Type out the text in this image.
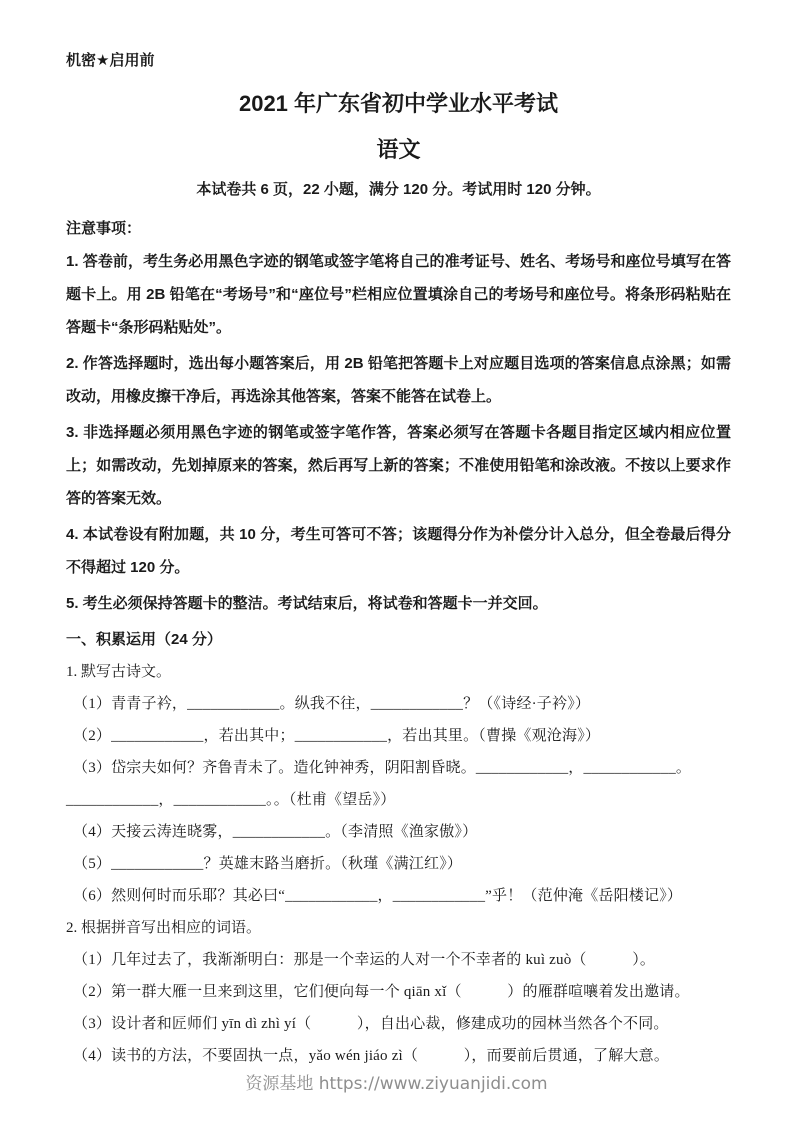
机密★启用前
2021 年广东省初中学业水平考试
语文
本试卷共 6 页，22 小题，满分 120 分。考试用时 120 分钟。
注意事项：

1. 答卷前，考生务必用黑色字迹的钢笔或签字笔将自己的准考证号、姓名、考场号和座位号填写在答题卡上。用 2B 铅笔在“考场号”和“座位号”栏相应位置填涂自己的考场号和座位号。将条形码粘贴在答题卡“条形码粘贴处”。

2. 作答选择题时，选出每小题答案后，用 2B 铅笔把答题卡上对应题目选项的答案信息点涂黑；如需改动，用橡皮擦干净后，再选涂其他答案，答案不能答在试卷上。

3. 非选择题必须用黑色字迹的钢笔或签字笔作答，答案必须写在答题卡各题目指定区域内相应位置上；如需改动，先划掉原来的答案，然后再写上新的答案；不准使用铅笔和涂改液。不按以上要求作答的答案无效。

4. 本试卷设有附加题，共 10 分，考生可答可不答；该题得分作为补偿分计入总分，但全卷最后得分不得超过 120 分。

5. 考生必须保持答题卡的整洁。考试结束后，将试卷和答题卡一并交回。

一、积累运用（24 分）

1. 默写古诗文。

（1）青青子衿，____________。纵我不往，____________？（《诗经·子衿》）

（2）____________，若出其中；____________，若出其里。（曹操《观沧海》）

（3）岱宗夫如何？齐鲁青未了。造化钟神秀，阴阳割昏晓。____________，____________。

____________，____________。。（杜甫《望岳》）

（4）天接云涛连晓雾，____________。（李清照《渔家傲》）

（5）____________？英雄末路当磨折。（秋瑾《满江红》）

（6）然则何时而乐耶？其必曰“____________，____________”乎！（范仲淹《岳阳楼记》）

2. 根据拼音写出相应的词语。

（1）几年过去了，我渐渐明白：那是一个幸运的人对一个不幸者的 kuì zuò（　　　）。

（2）第一群大雁一旦来到这里，它们便向每一个 qiān xǐ（　　　）的雁群喧嚷着发出邀请。

（3）设计者和匠师们 yīn dì zhì yí（　　　），自出心裁，修建成功的园林当然各个不同。

（4）读书的方法，不要固执一点，yǎo wén jiáo zì（　　　），而要前后贯通，了解大意。

资源基地 https://www.ziyuanjidi.com
